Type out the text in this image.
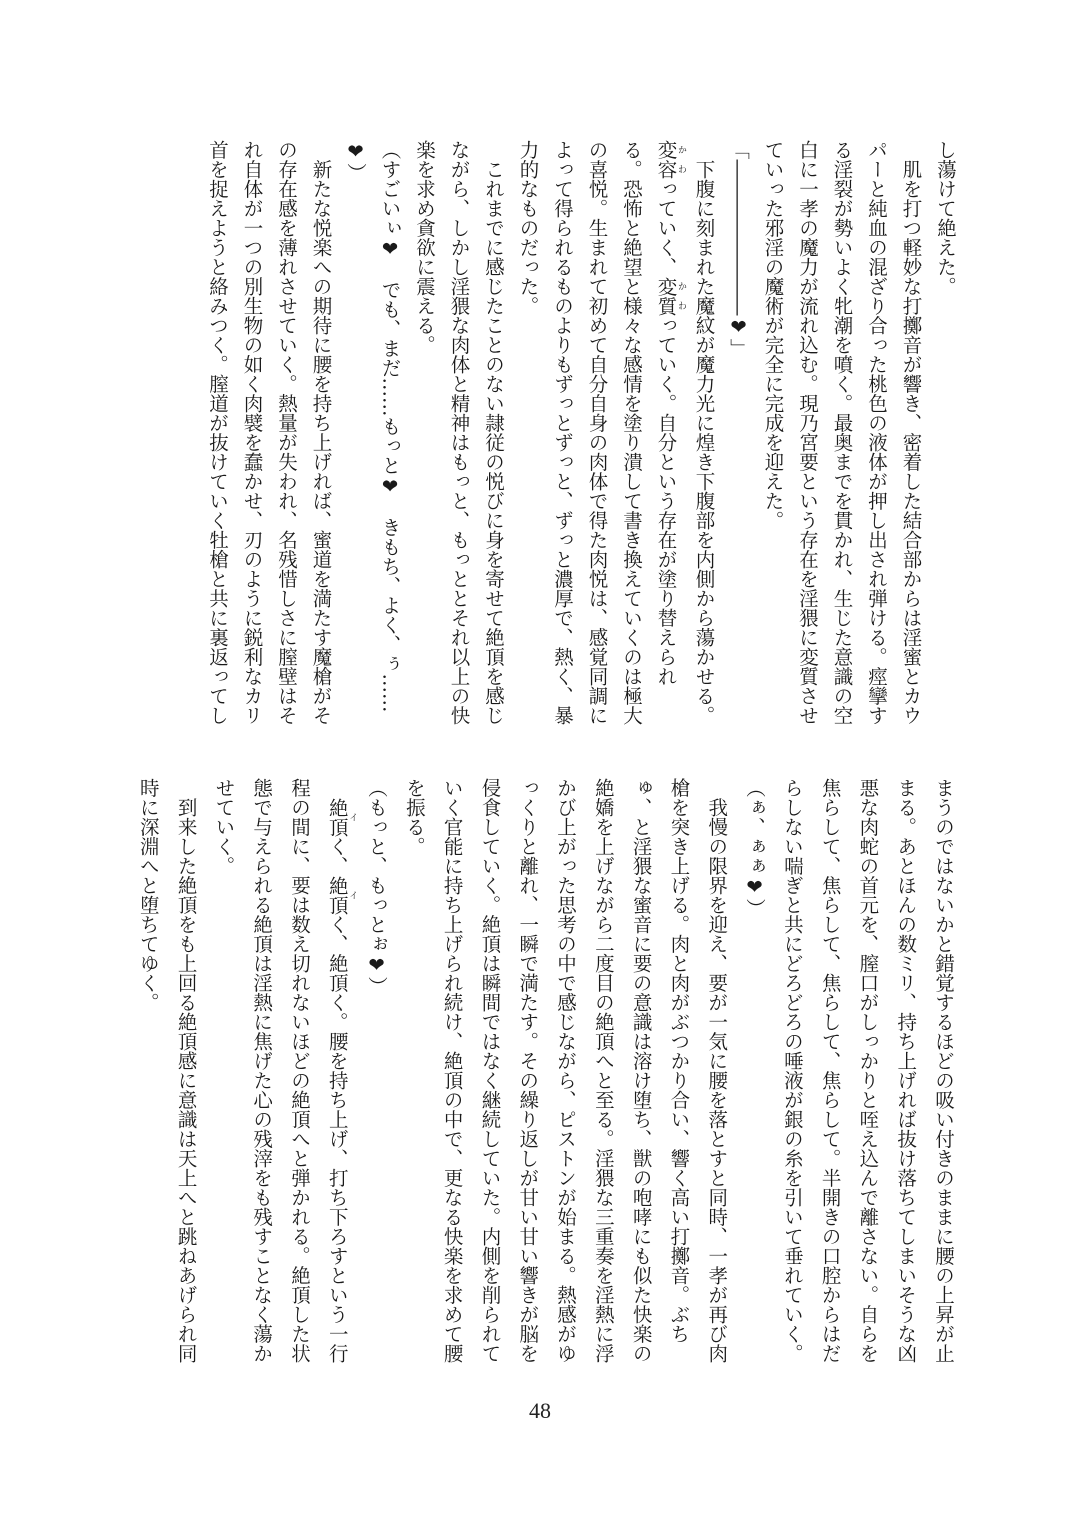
し蕩けて絶えた。
　肌を打つ軽妙な打擲音が響き、密着した結合部からは淫蜜とカウ
パーと純血の混ざり合った桃色の液体が押し出され弾ける。痙攣す
る淫裂が勢いよく牝潮を噴く。最奥までを貫かれ、生じた意識の空
白に一孝の魔力が流れ込む。現乃宮要という存在を淫猥に変質させ
ていった邪淫の魔術が完全に完成を迎えた。
「――――――――❤」
　下腹に刻まれた魔紋が魔力光に煌き下腹部を内側から蕩かせる。
変容かわっていく、変質かわっていく。自分という存在が塗り替えられ
る。恐怖と絶望と様々な感情を塗り潰して書き換えていくのは極大
の喜悦。生まれて初めて自分自身の肉体で得た肉悦は、感覚同調に
よって得られるものよりもずっとずっと、ずっと濃厚で、熱く、暴
力的なものだった。
　これまでに感じたことのない隷従の悦びに身を寄せて絶頂を感じ
ながら、しかし淫猥な肉体と精神はもっと、もっととそれ以上の快
楽を求め貪欲に震える。
（すごいぃ❤　でも、まだ……もっと❤　きもち、よく、ぅ……
❤）
　新たな悦楽への期待に腰を持ち上げれば、蜜道を満たす魔槍がそ
の存在感を薄れさせていく。熱量が失われ、名残惜しさに膣壁はそ
れ自体が一つの別生物の如く肉襞を蠢かせ、刃のように鋭利なカリ
首を捉えようと絡みつく。膣道が抜けていく牡槍と共に裏返ってし
まうのではないかと錯覚するほどの吸い付きのままに腰の上昇が止
まる。あとほんの数ミリ、持ち上げれば抜け落ちてしまいそうな凶
悪な肉蛇の首元を、膣口がしっかりと咥え込んで離さない。自らを
焦らして、焦らして、焦らして、焦らして。半開きの口腔からはだ
らしない喘ぎと共にどろどろの唾液が銀の糸を引いて垂れていく。
（ぁ、ぁぁ❤）
　我慢の限界を迎え、要が一気に腰を落とすと同時、一孝が再び肉
槍を突き上げる。肉と肉がぶつかり合い、響く高い打擲音。ぶち
ゅ、と淫猥な蜜音に要の意識は溶け堕ち、獣の咆哮にも似た快楽の
絶嬌を上げながら二度目の絶頂へと至る。淫猥な三重奏を淫熱に浮
かび上がった思考の中で感じながら、ピストンが始まる。熱感がゆ
っくりと離れ、一瞬で満たす。その繰り返しが甘い甘い響きが脳を
侵食していく。絶頂は瞬間ではなく継続していた。内側を削られて
いく官能に持ち上げられ続け、絶頂の中で、更なる快楽を求めて腰
を振る。
（もっと、もっとぉ❤）
　絶頂イく、絶頂イく、絶頂く。腰を持ち上げ、打ち下ろすという一行
程の間に、要は数え切れないほどの絶頂へと弾かれる。絶頂した状
態で与えられる絶頂は淫熱に焦げた心の残滓をも残すことなく蕩か
せていく。
　到来した絶頂をも上回る絶頂感に意識は天上へと跳ねあげられ同
時に深淵へと堕ちてゆく。
48
